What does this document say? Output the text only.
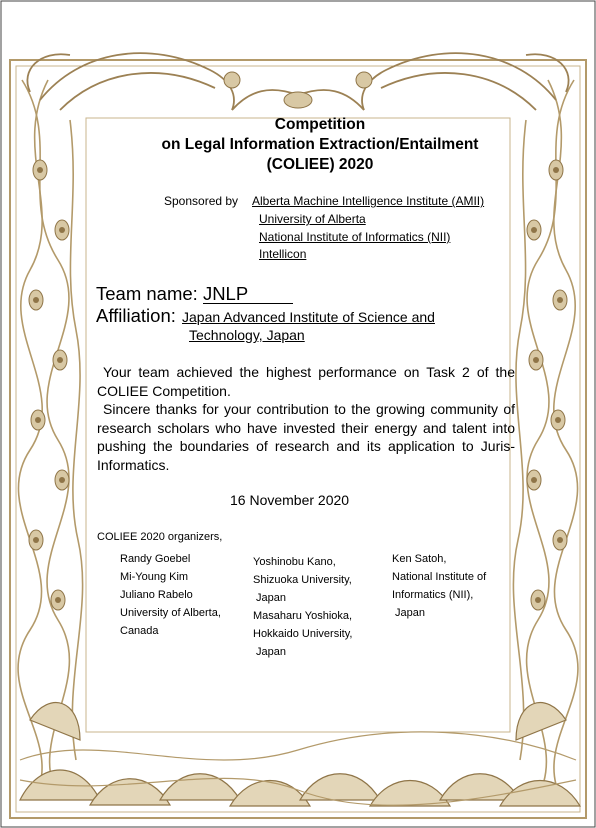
Competition
on Legal Information Extraction/Entailment
(COLIEE) 2020
Sponsored by Alberta Machine Intelligence Institute (AMII)
University of Alberta
National Institute of Informatics (NII)
Intellicon
Team name: JNLP
Affiliation: Japan Advanced Institute of Science and
Technology, Japan

Your team achieved the highest performance on Task 2 of the COLIEE Competition.

Sincere thanks for your contribution to the growing community of research scholars who have invested their energy and talent into pushing the boundaries of research and its application to Juris-Informatics.

16 November 2020
COLIEE 2020 organizers,
Randy Goebel
Mi-Young Kim
Juliano Rabelo
University of Alberta,
Canada
Yoshinobu Kano,
Shizuoka University,
Japan
Masaharu Yoshioka,
Hokkaido University,
Japan
Ken Satoh,
National Institute of
Informatics (NII),
Japan
